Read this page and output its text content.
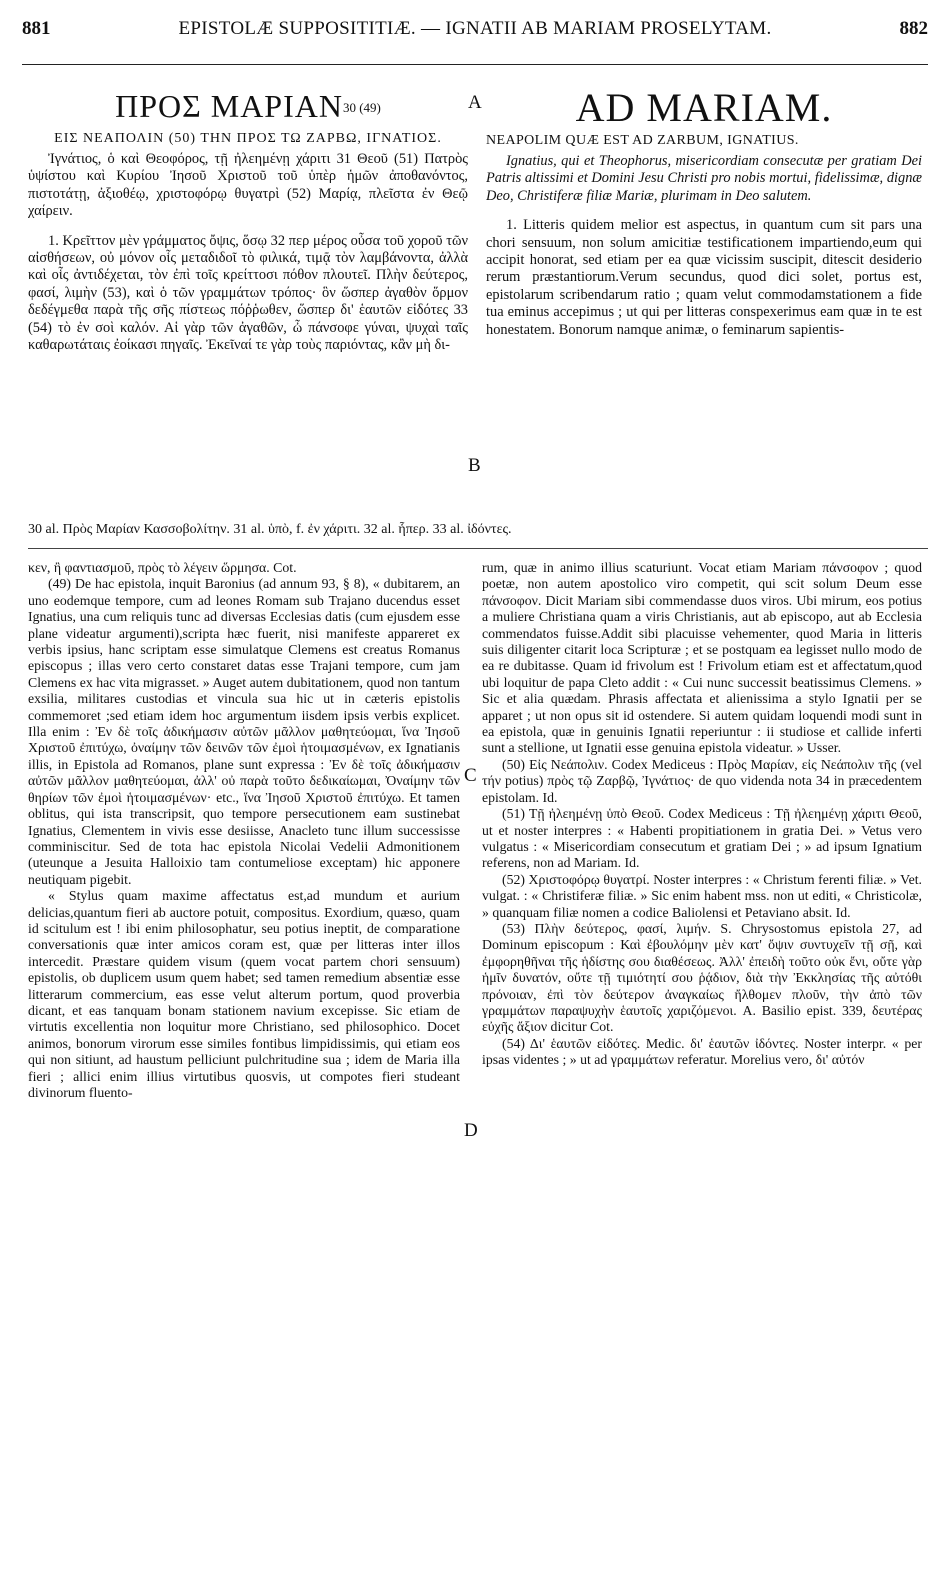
881	EPISTOLÆ SUPPOSITITIÆ. — IGNATII AB MARIAM PROSELYTAM.	882
A
B
C
D

ΠΡΟΣ $MAPIAN^{30 (49)}$

ΕΙΣ ΝΕΑΠΟΛΙΝ (50) ΤΗΝ ΠΡΟΣ ΤΩ ΖΑΡΒΩ, ΙΓΝΑΤΙΟΣ.

Ἰγνάτιος, ὁ καὶ Θεοφόρος, τῇ ἠλεημένῃ χάριτι 31 Θεοῦ (51) Πατρὸς ὑψίστου καὶ Κυρίου Ἰησοῦ Χριστοῦ τοῦ ὑπὲρ ἡμῶν ἀποθανόντος, πιστοτάτῃ, ἀξιοθέῳ, χριστοφόρῳ θυγατρὶ (52) Μαρίᾳ, πλεῖστα ἐν Θεῷ χαίρειν.

1. Κρεῖττον μὲν γράμματος ὄψις, ὅσῳ 32 περ μέρος οὖσα τοῦ χοροῦ τῶν αἰσθήσεων, οὐ μόνον οἷς μεταδιδοῖ τὸ φιλικά, τιμᾷ τὸν λαμβάνοντα, ἀλλὰ καὶ οἷς ἀντιδέχεται, τὸν ἐπὶ τοῖς κρείττοσι πόθον πλουτεῖ. Πλὴν δεύτερος, φασί, λιμὴν (53), καὶ ὁ τῶν γραμμάτων τρόπος· ὃν ὥσπερ ἀγαθὸν ὅρμον δεδέγμεθα παρὰ τῆς σῆς πίστεως πόῤῥωθεν, ὥσπερ δι' ἑαυτῶν εἰδότες 33 (54) τὸ ἐν σοὶ καλόν. Αἱ γὰρ τῶν ἀγαθῶν, ὦ πάνσοφε γύναι, ψυχαὶ ταῖς καθαρωτάταις ἐοίκασι πηγαῖς. Ἐκεῖναί τε γὰρ τοὺς παριόντας, κἂν μὴ δι-

AD MARIAM.

NEAPOLIM QUÆ EST AD ZARBUM, IGNATIUS.

Ignatius, qui et Theophorus, misericordiam consecutæ per gratiam Dei Patris altissimi et Domini Jesu Christi pro nobis mortui, fidelissimæ, dignæ Deo, Christiferæ filiæ Mariæ, plurimam in Deo salutem.

1. Litteris quidem melior est aspectus, in quantum cum sit pars una chori sensuum, non solum amicitiæ testificationem impartiendo,eum qui accipit honorat, sed etiam per ea quæ vicissim suscipit, ditescit desiderio rerum præstantiorum.Verum secundus, quod dici solet, portus est, epistolarum scribendarum ratio ; quam velut commodamstationem a fide tua eminus accepimus ; ut qui per litteras conspexerimus eam quæ in te est honestatem. Bonorum namque animæ, o feminarum sapientis-

30 al. Πρὸς Μαρίαν Κασσοβολίτην. 31 al. ὑπὸ, f. ἐν χάριτι. 32 al. ἧπερ. 33 al. ἰδόντες.

κεν, ἢ φαντιασμοῦ, πρὸς τὸ λέγειν ὥρμησα. Cot.

(49) De hac epistola, inquit Baronius (ad annum 93, § 8), « dubitarem, an uno eodemque tempore, cum ad leones Romam sub Trajano ducendus esset Ignatius, una cum reliquis tunc ad diversas Ecclesias datis (cum ejusdem esse plane videatur argumenti),scripta hæc fuerit, nisi manifeste appareret ex verbis ipsius, hanc scriptam esse simulatque Clemens est creatus Romanus episcopus ; illas vero certo constaret datas esse Trajani tempore, cum jam Clemens ex hac vita migrasset. » Auget autem dubitationem, quod non tantum exsilia, militares custodias et vincula sua hic ut in cæteris epistolis commemoret ;sed etiam idem hoc argumentum iisdem ipsis verbis explicet. Illa enim : Ἐν δὲ τοῖς ἀδικήμασιν αὐτῶν μᾶλλον μαθητεύομαι, ἵνα Ἰησοῦ Χριστοῦ ἐπιτύχω, ὀναίμην τῶν δεινῶν τῶν ἐμοὶ ἡτοιμασμένων, ex Ignatianis illis, in Epistola ad Romanos, plane sunt expressa : Ἐν δὲ τοῖς ἀδικήμασιν αὐτῶν μᾶλλον μαθητεύομαι, ἀλλ' οὐ παρὰ τοῦτο δεδικαίωμαι, Ὀναίμην τῶν θηρίων τῶν ἐμοὶ ἡτοιμασμένων· etc., ἵνα Ἰησοῦ Χριστοῦ ἐπιτύχω. Et tamen oblitus, qui ista transcripsit, quo tempore persecutionem eam sustinebat Ignatius, Clementem in vivis esse desiisse, Anacleto tunc illum successisse comminiscitur. Sed de tota hac epistola Nicolai Vedelii Admonitionem (uteunque a Jesuita Halloixio tam contumeliose exceptam) hic apponere neutiquam pigebit.

« Stylus quam maxime affectatus est,ad mundum et aurium delicias,quantum fieri ab auctore potuit, compositus. Exordium, quæso, quam id scitulum est ! ibi enim philosophatur, seu potius ineptit, de comparatione conversationis quæ inter amicos coram est, quæ per litteras inter illos intercedit. Præstare quidem visum (quem vocat partem chori sensuum) epistolis, ob duplicem usum quem habet; sed tamen remedium absentiæ esse litterarum commercium, eas esse velut alterum portum, quod proverbia dicant, et eas tanquam bonam stationem navium excepisse. Sic etiam de virtutis excellentia non loquitur more Christiano, sed philosophico. Docet animos, bonorum virorum esse similes fontibus limpidissimis, qui etiam eos qui non sitiunt, ad haustum pelliciunt pulchritudine sua ; idem de Maria illa fieri ; allici enim illius virtutibus quosvis, ut compotes fieri studeant divinorum fluento-

rum, quæ in animo illius scaturiunt. Vocat etiam Mariam πάνσοφον ; quod poetæ, non autem apostolico viro competit, qui scit solum Deum esse πάνσοφον. Dicit Mariam sibi commendasse duos viros. Ubi mirum, eos potius a muliere Christiana quam a viris Christianis, aut ab episcopo, aut ab Ecclesia commendatos fuisse.Addit sibi placuisse vehementer, quod Maria in litteris suis diligenter citarit loca Scripturæ ; et se postquam ea legisset nullo modo de ea re dubitasse. Quam id frivolum est ! Frivolum etiam est et affectatum,quod ubi loquitur de papa Cleto addit : « Cui nunc successit beatissimus Clemens. » Sic et alia quædam. Phrasis affectata et alienissima a stylo Ignatii per se apparet ; ut non opus sit id ostendere. Si autem quidam loquendi modi sunt in ea epistola, quæ in genuinis Ignatii reperiuntur : ii studiose et callide inferti sunt a stellione, ut Ignatii esse genuina epistola videatur. » Usser.

(50) Εἰς Νεάπολιν. Codex Mediceus : Πρὸς Μαρίαν, εἰς Νεάπολιν τῆς (vel τήν potius) πρὸς τῷ Ζαρβῷ, Ἰγνάτιος· de quo videnda nota 34 in præcedentem epistolam. Id.

(51) Τῇ ἠλεημένῃ ὑπὸ Θεοῦ. Codex Mediceus : Τῇ ἠλεημένῃ χάριτι Θεοῦ, ut et noster interpres : « Habenti propitiationem in gratia Dei. » Vetus vero vulgatus : « Misericordiam consecutum et gratiam Dei ; » ad ipsum Ignatium referens, non ad Mariam. Id.

(52) Χριστοφόρῳ θυγατρί. Noster interpres : « Christum ferenti filiæ. » Vet. vulgat. : « Christiferæ filiæ. » Sic enim habent mss. non ut editi, « Christicolæ, » quanquam filiæ nomen a codice Baliolensi et Petaviano absit. Id.

(53) Πλὴν δεύτερος, φασί, λιμήν. S. Chrysostomus epistola 27, ad Dominum episcopum : Καὶ ἐβουλόμην μὲν κατ' ὄψιν συντυχεῖν τῇ σῇ, καὶ ἐμφορηθῆναι τῆς ἡδίστης σου διαθέσεως. Ἀλλ' ἐπειδὴ τοῦτο οὐκ ἔνι, οὔτε γὰρ ἡμῖν δυνατόν, οὔτε τῇ τιμιότητί σου ῥᾴδιον, διὰ τὴν Ἐκκλησίας τῆς αὐτόθι πρόνοιαν, ἐπὶ τὸν δεύτερον ἀναγκαίως ἤλθομεν πλοῦν, τὴν ἀπὸ τῶν γραμμάτων παραψυχὴν ἑαυτοῖς χαριζόμενοι. A. Basilio epist. 339, δευτέρας εὐχῆς ἄξιον dicitur Cot.

(54) Δι' ἑαυτῶν εἰδότες. Medic. δι' ἑαυτῶν ἰδόντες. Noster interpr. « per ipsas videntes ; » ut ad γραμμάτων referatur. Morelius vero, δι' αὐτόν
